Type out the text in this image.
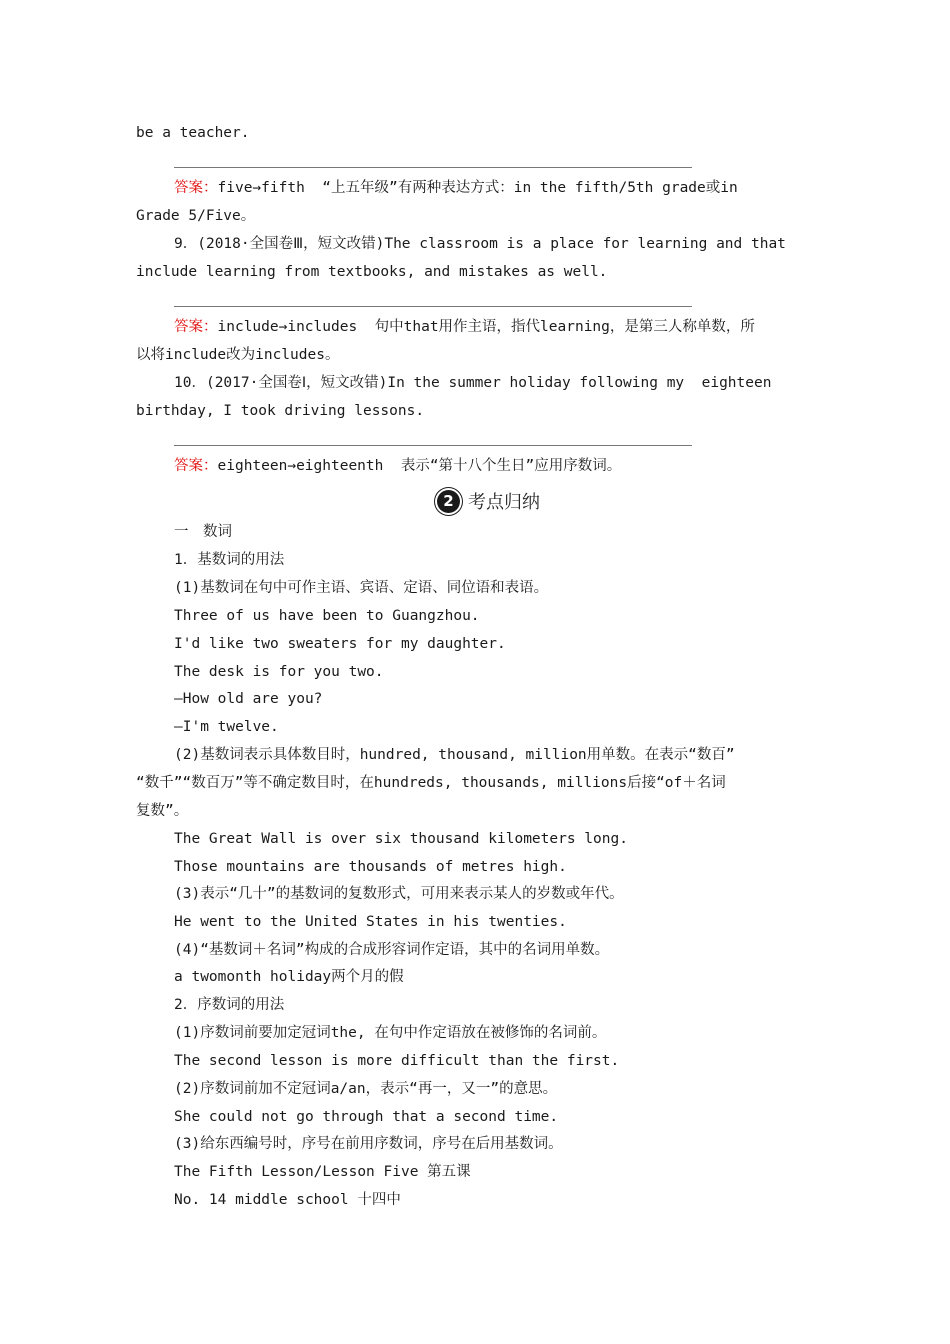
be a teacher.
答案：five→fifth  “上五年级”有两种表达方式：in the fifth/5th grade或in
Grade 5/Five。
9．(2018·全国卷Ⅲ，短文改错)The classroom is a place for learning and that
include learning from textbooks, and mistakes as well.
答案：include→includes  句中that用作主语，指代learning，是第三人称单数，所
以将include改为includes。
10．(2017·全国卷Ⅰ，短文改错)In the summer holiday following my  eighteen
birthday, I took driving lessons.
答案：eighteen→eighteenth  表示“第十八个生日”应用序数词。
2 考点归纳
一　数词
1．基数词的用法
(1)基数词在句中可作主语、宾语、定语、同位语和表语。
Three of us have been to Guangzhou.
I'd like two sweaters for my daughter.
The desk is for you two.
—How old are you?
—I'm twelve.
(2)基数词表示具体数目时，hundred, thousand, million用单数。在表示“数百”
“数千”“数百万”等不确定数目时，在hundreds, thousands, millions后接“of＋名词
复数”。
The Great Wall is over six thousand kilometers long.
Those mountains are thousands of metres high.
(3)表示“几十”的基数词的复数形式，可用来表示某人的岁数或年代。
He went to the United States in his twenties.
(4)“基数词＋名词”构成的合成形容词作定语，其中的名词用单数。
a twomonth holiday两个月的假
2．序数词的用法
(1)序数词前要加定冠词the, 在句中作定语放在被修饰的名词前。
The second lesson is more difficult than the first.
(2)序数词前加不定冠词a/an，表示“再一，又一”的意思。
She could not go through that a second time.
(3)给东西编号时，序号在前用序数词，序号在后用基数词。
The Fifth Lesson/Lesson Five 第五课
No. 14 middle school 十四中
